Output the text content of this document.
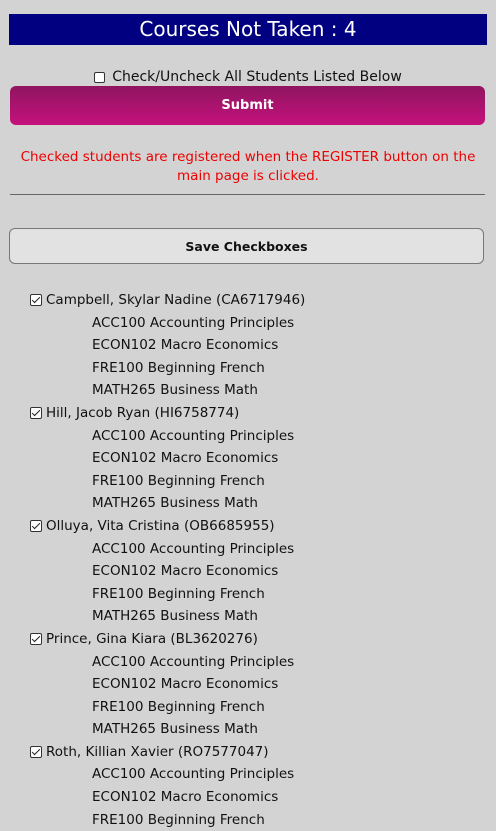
Courses Not Taken : 4
Check/Uncheck All Students Listed Below
Submit
Checked students are registered when the REGISTER button on the main page is clicked.
Save Checkboxes
Campbell, Skylar Nadine (CA6717946)
ACC100 Accounting Principles
ECON102 Macro Economics
FRE100 Beginning French
MATH265 Business Math
Hill, Jacob Ryan (HI6758774)
ACC100 Accounting Principles
ECON102 Macro Economics
FRE100 Beginning French
MATH265 Business Math
Olluya, Vita Cristina (OB6685955)
ACC100 Accounting Principles
ECON102 Macro Economics
FRE100 Beginning French
MATH265 Business Math
Prince, Gina Kiara (BL3620276)
ACC100 Accounting Principles
ECON102 Macro Economics
FRE100 Beginning French
MATH265 Business Math
Roth, Killian Xavier (RO7577047)
ACC100 Accounting Principles
ECON102 Macro Economics
FRE100 Beginning French
